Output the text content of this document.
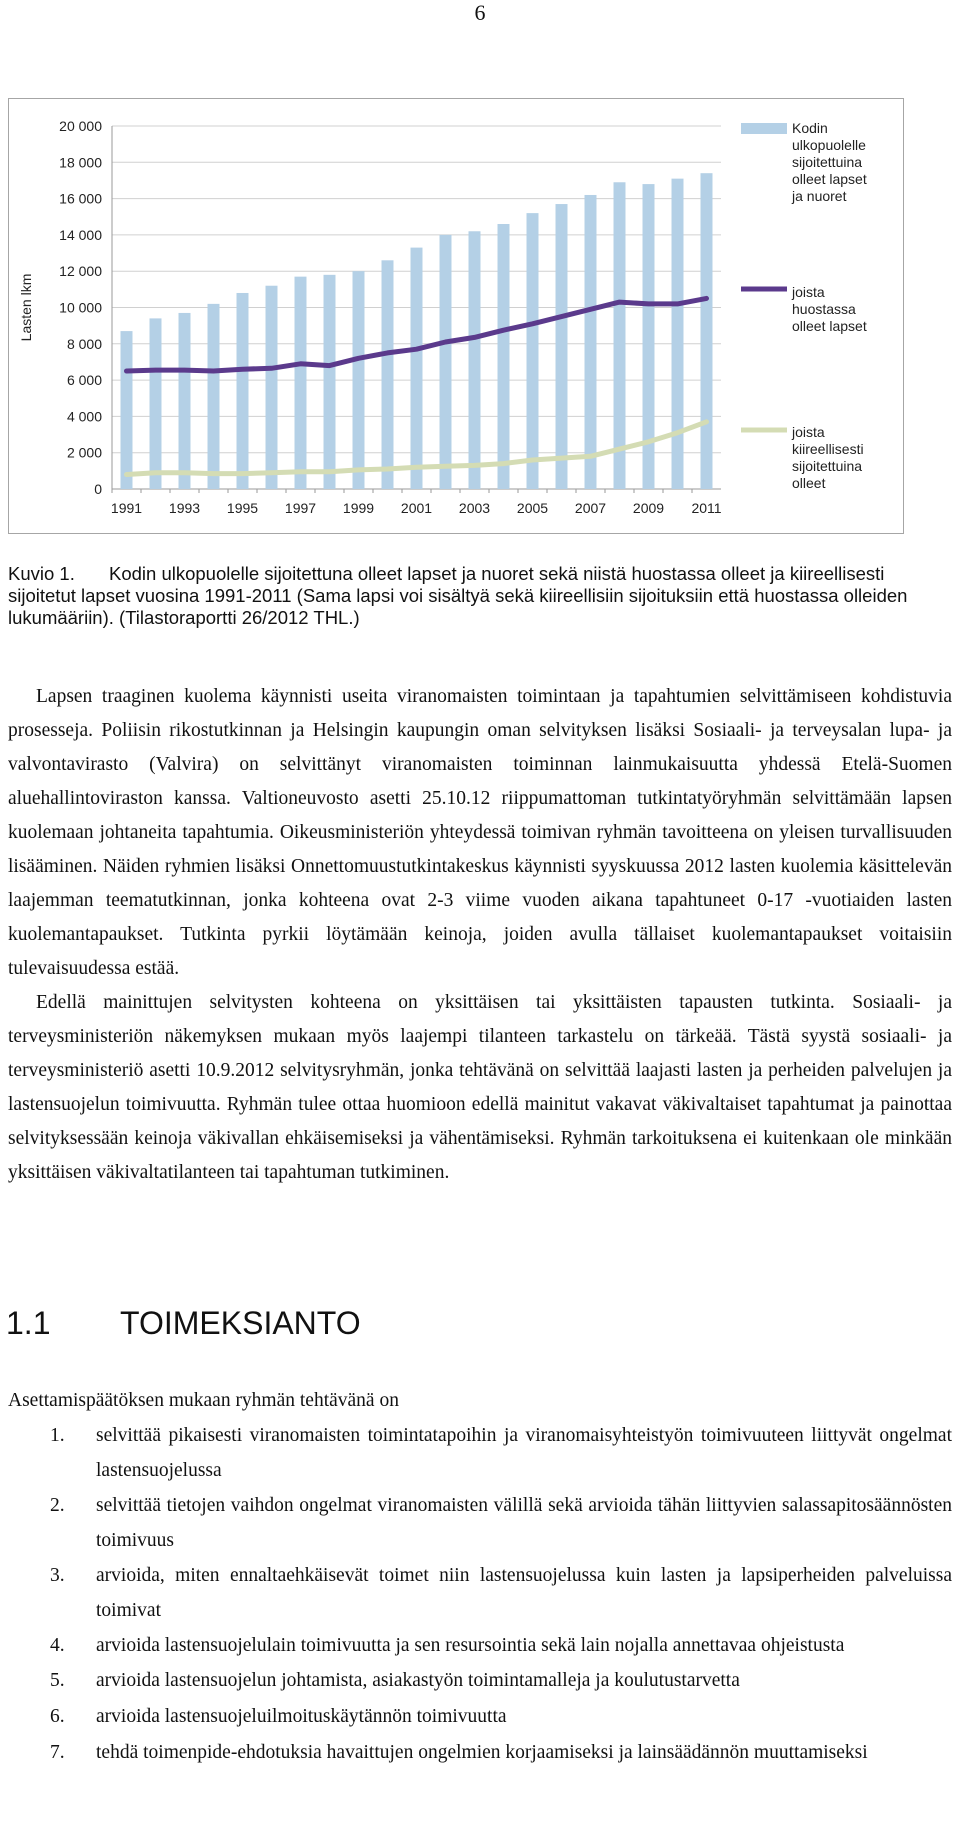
6
0
2 000
4 000
6 000
8 000
10 000
12 000
14 000
16 000
18 000
20 000
Lasten lkm
1991 1993 1995 1997 1999 2001 2003 2005 2007 2009 2011
Kodin
ulkopuolelle
sijoitettuina
olleet lapset
ja nuoret
joista
huostassa
olleet lapset
joista
kiireellisesti
sijoitettuina
olleet
Kuvio 1. Kodin ulkopuolelle sijoitettuna olleet lapset ja nuoret sekä niistä huostassa olleet ja kiireellisesti sijoitetut lapset vuosina 1991-2011 (Sama lapsi voi sisältyä sekä kiireellisiin sijoituksiin että huostassa olleiden lukumääriin). (Tilastoraportti 26/2012 THL.)

Lapsen traaginen kuolema käynnisti useita viranomaisten toimintaan ja tapahtumien selvittämiseen kohdistuvia prosesseja. Poliisin rikostutkinnan ja Helsingin kaupungin oman selvityksen lisäksi Sosiaali- ja terveysalan lupa- ja valvontavirasto (Valvira) on selvittänyt viranomaisten toiminnan lainmukaisuutta yhdessä Etelä-Suomen aluehallintoviraston kanssa. Valtioneuvosto asetti 25.10.12 riippumattoman tutkintatyöryhmän selvittämään lapsen kuolemaan johtaneita tapahtumia. Oikeusministeriön yhteydessä toimivan ryhmän tavoitteena on yleisen turvallisuuden lisääminen. Näiden ryhmien lisäksi Onnettomuustutkintakeskus käynnisti syyskuussa 2012 lasten kuolemia käsittelevän laajemman teematutkinnan, jonka kohteena ovat 2-3 viime vuoden aikana tapahtuneet 0-17 -vuotiaiden lasten kuolemantapaukset. Tutkinta pyrkii löytämään keinoja, joiden avulla tällaiset kuolemantapaukset voitaisiin tulevaisuudessa estää.

Edellä mainittujen selvitysten kohteena on yksittäisen tai yksittäisten tapausten tutkinta. Sosiaali- ja terveysministeriön näkemyksen mukaan myös laajempi tilanteen tarkastelu on tärkeää. Tästä syystä sosiaali- ja terveysministeriö asetti 10.9.2012 selvitysryhmän, jonka tehtävänä on selvittää laajasti lasten ja perheiden palvelujen ja lastensuojelun toimivuutta. Ryhmän tulee ottaa huomioon edellä mainitut vakavat väkivaltaiset tapahtumat ja painottaa selvityksessään keinoja väkivallan ehkäisemiseksi ja vähentämiseksi. Ryhmän tarkoituksena ei kuitenkaan ole minkään yksittäisen väkivaltatilanteen tai tapahtuman tutkiminen.

1.1 TOIMEKSIANTO

Asettamispäätöksen mukaan ryhmän tehtävänä on

1. selvittää pikaisesti viranomaisten toimintatapoihin ja viranomaisyhteistyön toimivuuteen liittyvät ongelmat lastensuojelussa
2. selvittää tietojen vaihdon ongelmat viranomaisten välillä sekä arvioida tähän liittyvien salassapitosäännösten toimivuus
3. arvioida, miten ennaltaehkäisevät toimet niin lastensuojelussa kuin lasten ja lapsiperheiden palveluissa toimivat
4. arvioida lastensuojelulain toimivuutta ja sen resursointia sekä lain nojalla annettavaa ohjeistusta
5. arvioida lastensuojelun johtamista, asiakastyön toimintamalleja ja koulutustarvetta
6. arvioida lastensuojeluilmoituskäytännön toimivuutta
7. tehdä toimenpide-ehdotuksia havaittujen ongelmien korjaamiseksi ja lainsäädännön muuttamiseksi
